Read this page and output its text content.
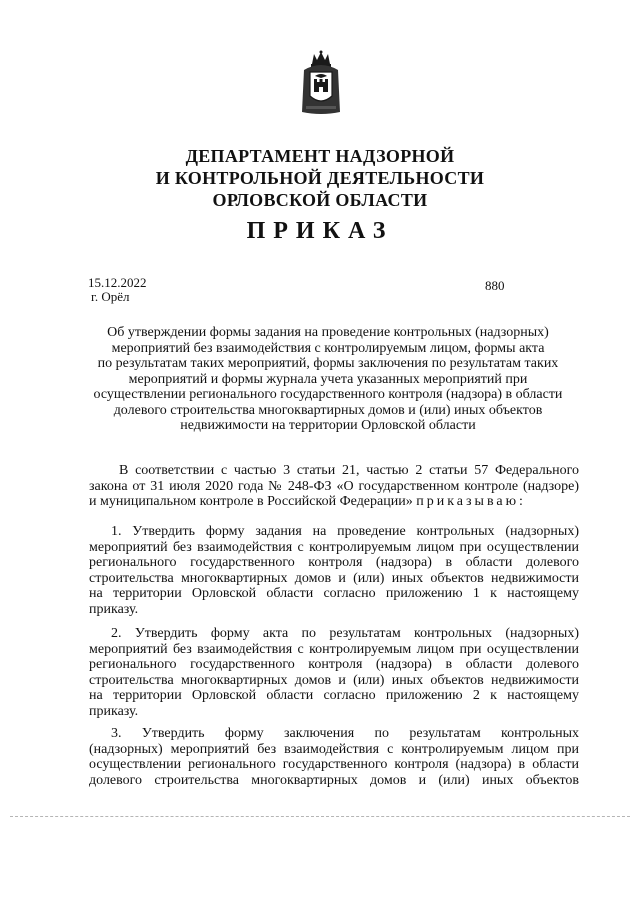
ДЕПАРТАМЕНТ НАДЗОРНОЙ
И КОНТРОЛЬНОЙ ДЕЯТЕЛЬНОСТИ
ОРЛОВСКОЙ ОБЛАСТИ
ПРИКАЗ
15.12.2022
г. Орёл
880
Об утверждении формы задания на проведение контрольных (надзорных)
мероприятий без взаимодействия с контролируемым лицом, формы акта
по результатам таких мероприятий, формы заключения по результатам таких
мероприятий и формы журнала учета указанных мероприятий при
осуществлении регионального государственного контроля (надзора) в области
долевого строительства многоквартирных домов и (или) иных объектов
недвижимости на территории Орловской области
В соответствии с частью 3 статьи 21, частью 2 статьи 57 Федерального
закона от 31 июля 2020 года № 248-ФЗ «О государственном контроле (надзоре)
и муниципальном контроле в Российской Федерации» приказываю:
1. Утвердить форму задания на проведение контрольных (надзорных)
мероприятий без взаимодействия с контролируемым лицом при осуществлении
регионального государственного контроля (надзора) в области долевого
строительства многоквартирных домов и (или) иных объектов недвижимости
на территории Орловской области согласно приложению 1 к настоящему
приказу.
2. Утвердить форму акта по результатам контрольных (надзорных)
мероприятий без взаимодействия с контролируемым лицом при осуществлении
регионального государственного контроля (надзора) в области долевого
строительства многоквартирных домов и (или) иных объектов недвижимости
на территории Орловской области согласно приложению 2 к настоящему
приказу.
3. Утвердить форму заключения по результатам контрольных
(надзорных) мероприятий без взаимодействия с контролируемым лицом при
осуществлении регионального государственного контроля (надзора) в области
долевого строительства многоквартирных домов и (или) иных объектов
